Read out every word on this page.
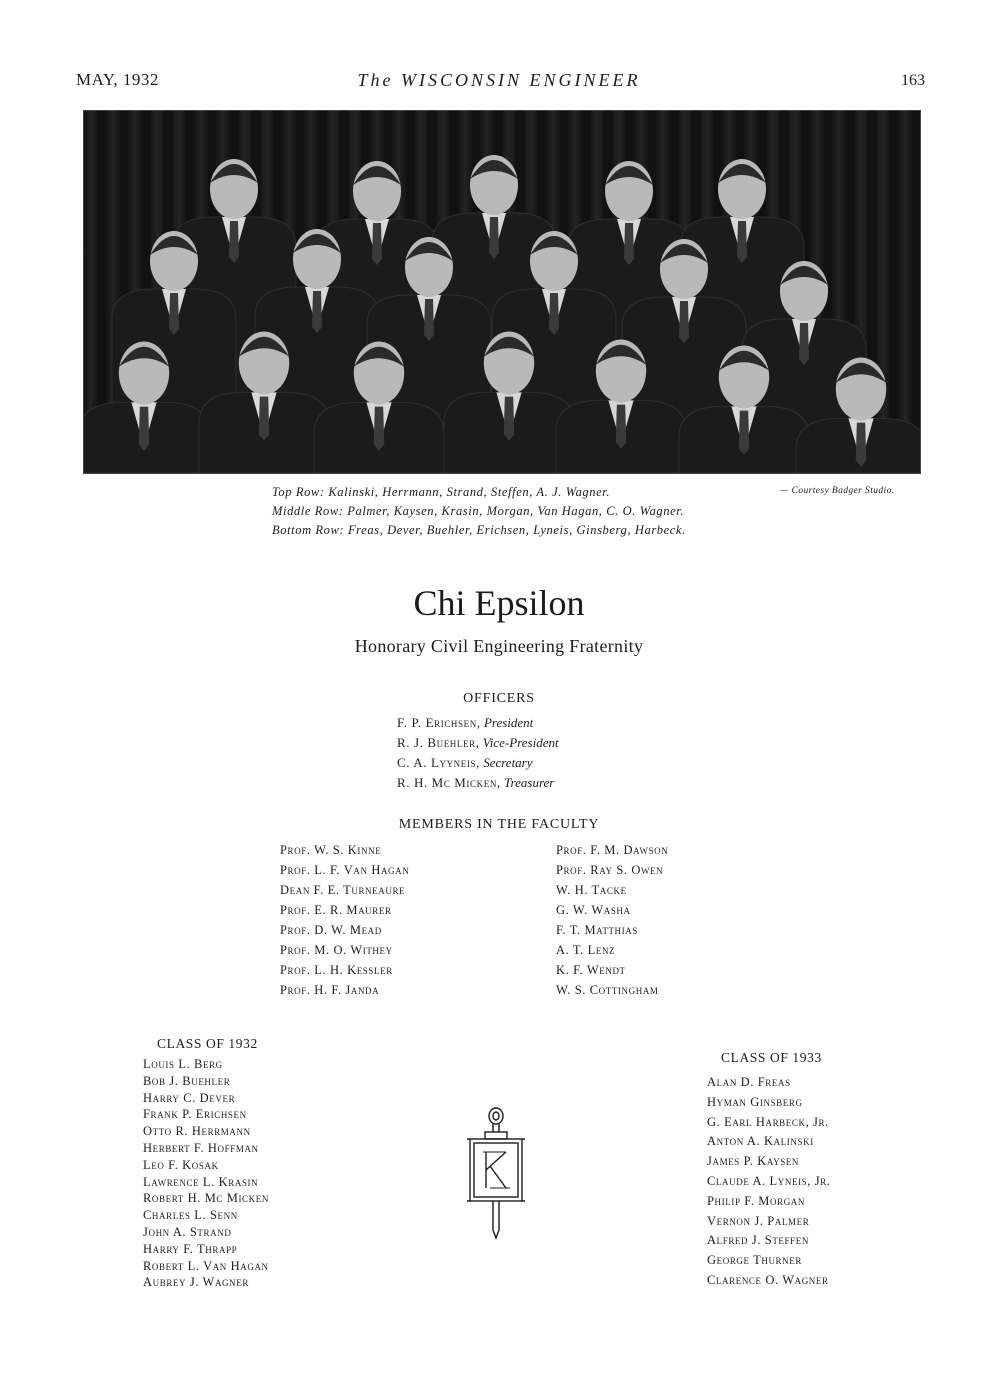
MAY, 1932	The WISCONSIN ENGINEER	163
Top Row: Kalinski, Herrmann, Strand, Steffen, A. J. Wagner.
Middle Row: Palmer, Kaysen, Krasin, Morgan, Van Hagan, C. O. Wagner.
Bottom Row: Freas, Dever, Buehler, Erichsen, Lyneis, Ginsberg, Harbeck.
— Courtesy Badger Studio.
Chi Epsilon
Honorary Civil Engineering Fraternity
OFFICERS
F. P. Erichsen, President
R. J. Buehler, Vice-President
C. A. Lyyneis, Secretary
R. H. Mc Micken, Treasurer
MEMBERS IN THE FACULTY
Prof. W. S. Kinne
Prof. L. F. Van Hagan
Dean F. E. Turneaure
Prof. E. R. Maurer
Prof. D. W. Mead
Prof. M. O. Withey
Prof. L. H. Kessler
Prof. H. F. Janda
Prof. F. M. Dawson
Prof. Ray S. Owen
W. H. Tacke
G. W. Washa
F. T. Matthias
A. T. Lenz
K. F. Wendt
W. S. Cottingham
CLASS OF 1932
Louis L. Berg
Bob J. Buehler
Harry C. Dever
Frank P. Erichsen
Otto R. Herrmann
Herbert F. Hoffman
Leo F. Kosak
Lawrence L. Krasin
Robert H. Mc Micken
Charles L. Senn
John A. Strand
Harry F. Thrapp
Robert L. Van Hagan
Aubrey J. Wagner
CLASS OF 1933
Alan D. Freas
Hyman Ginsberg
G. Earl Harbeck, Jr.
Anton A. Kalinski
James P. Kaysen
Claude A. Lyneis, Jr.
Philip F. Morgan
Vernon J. Palmer
Alfred J. Steffen
George Thurner
Clarence O. Wagner
